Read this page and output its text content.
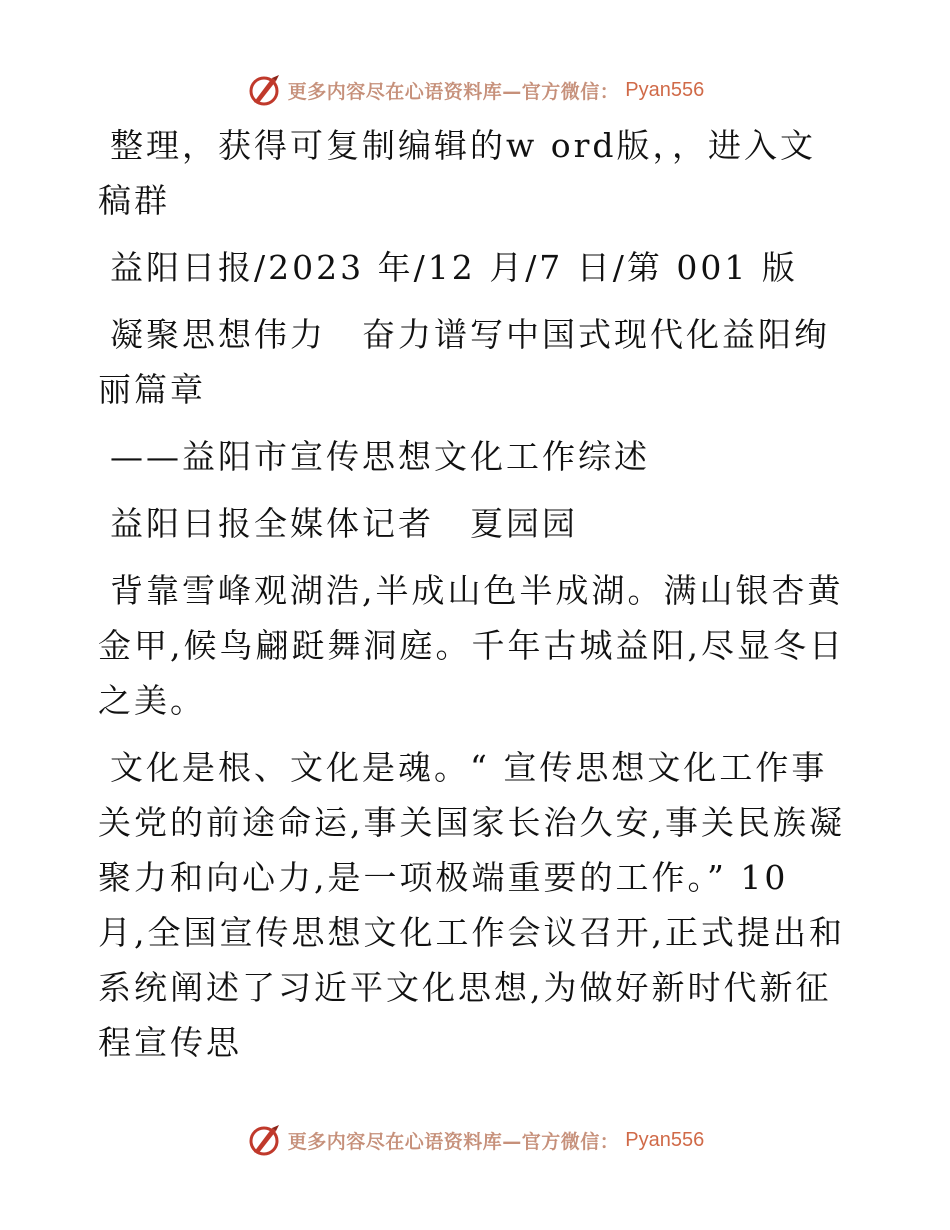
更多内容尽在心语资料库—官方微信： Pyan556

整理，获得可复制编辑的w ord版，，进入文稿群

益阳日报/2023 年/12 月/7 日/第 001 版

凝聚思想伟力　奋力谱写中国式现代化益阳绚丽篇章

——益阳市宣传思想文化工作综述

益阳日报全媒体记者　夏园园

背靠雪峰观湖浩,半成山色半成湖。满山银杏黄金甲,候鸟翩跹舞洞庭。千年古城益阳,尽显冬日之美。

文化是根、文化是魂。“ 宣传思想文化工作事关党的前途命运,事关国家长治久安,事关民族凝聚力和向心力,是一项极端重要的工作。” 10　月,全国宣传思想文化工作会议召开,正式提出和系统阐述了习近平文化思想,为做好新时代新征程宣传思

更多内容尽在心语资料库—官方微信： Pyan556
